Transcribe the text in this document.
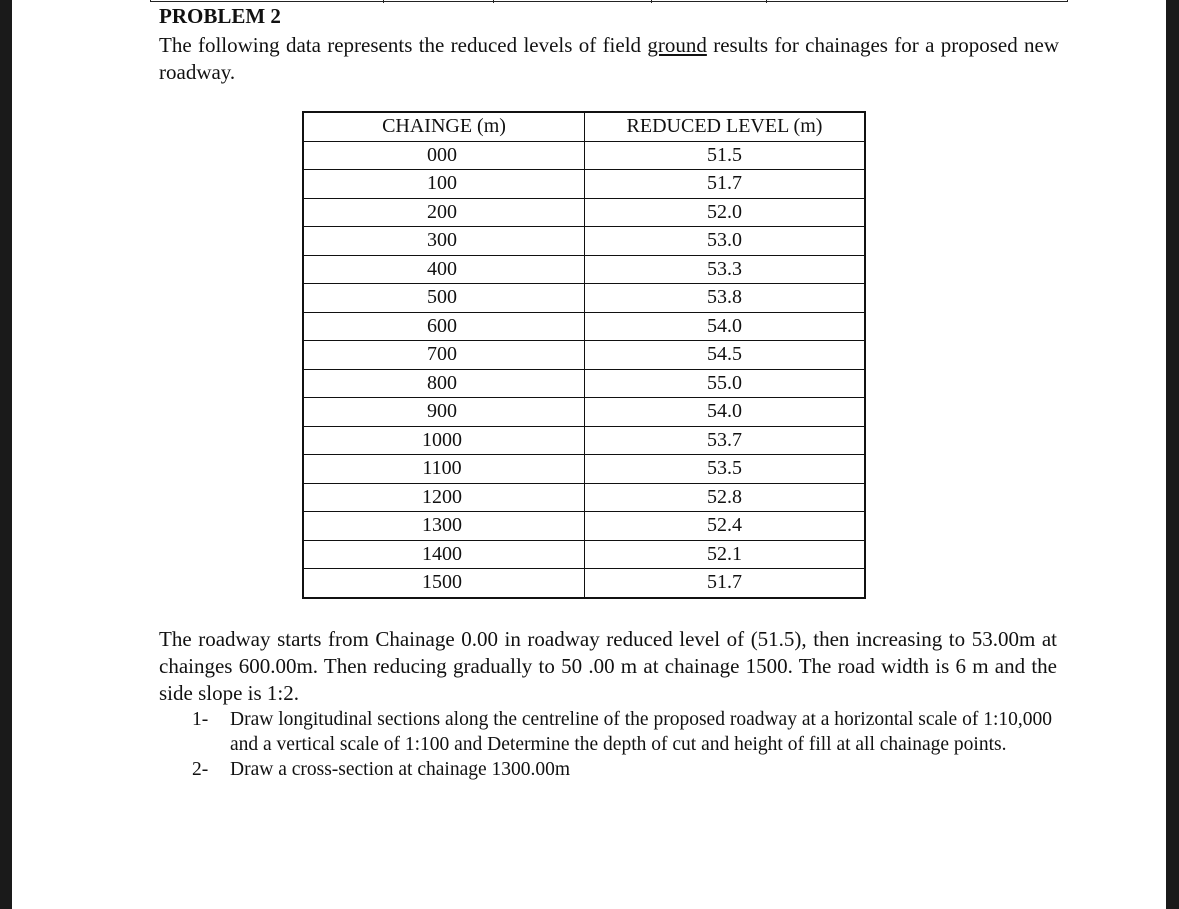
PROBLEM 2

The following data represents the reduced levels of field ground results for chainages for a proposed new roadway.

CHAINGE (m)	REDUCED LEVEL (m)
000	51.5
100	51.7
200	52.0
300	53.0
400	53.3
500	53.8
600	54.0
700	54.5
800	55.0
900	54.0
1000	53.7
1100	53.5
1200	52.8
1300	52.4
1400	52.1
1500	51.7

The roadway starts from Chainage 0.00 in roadway reduced level of (51.5), then increasing to 53.00m at chainges 600.00m. Then reducing gradually to 50 .00 m at chainage 1500. The road width is 6 m and the side slope is 1:2.

1-	Draw longitudinal sections along the centreline of the proposed roadway at a horizontal scale of 1:10,000 and a vertical scale of 1:100 and Determine the depth of cut and height of fill at all chainage points.
2-	Draw a cross-section at chainage 1300.00m
